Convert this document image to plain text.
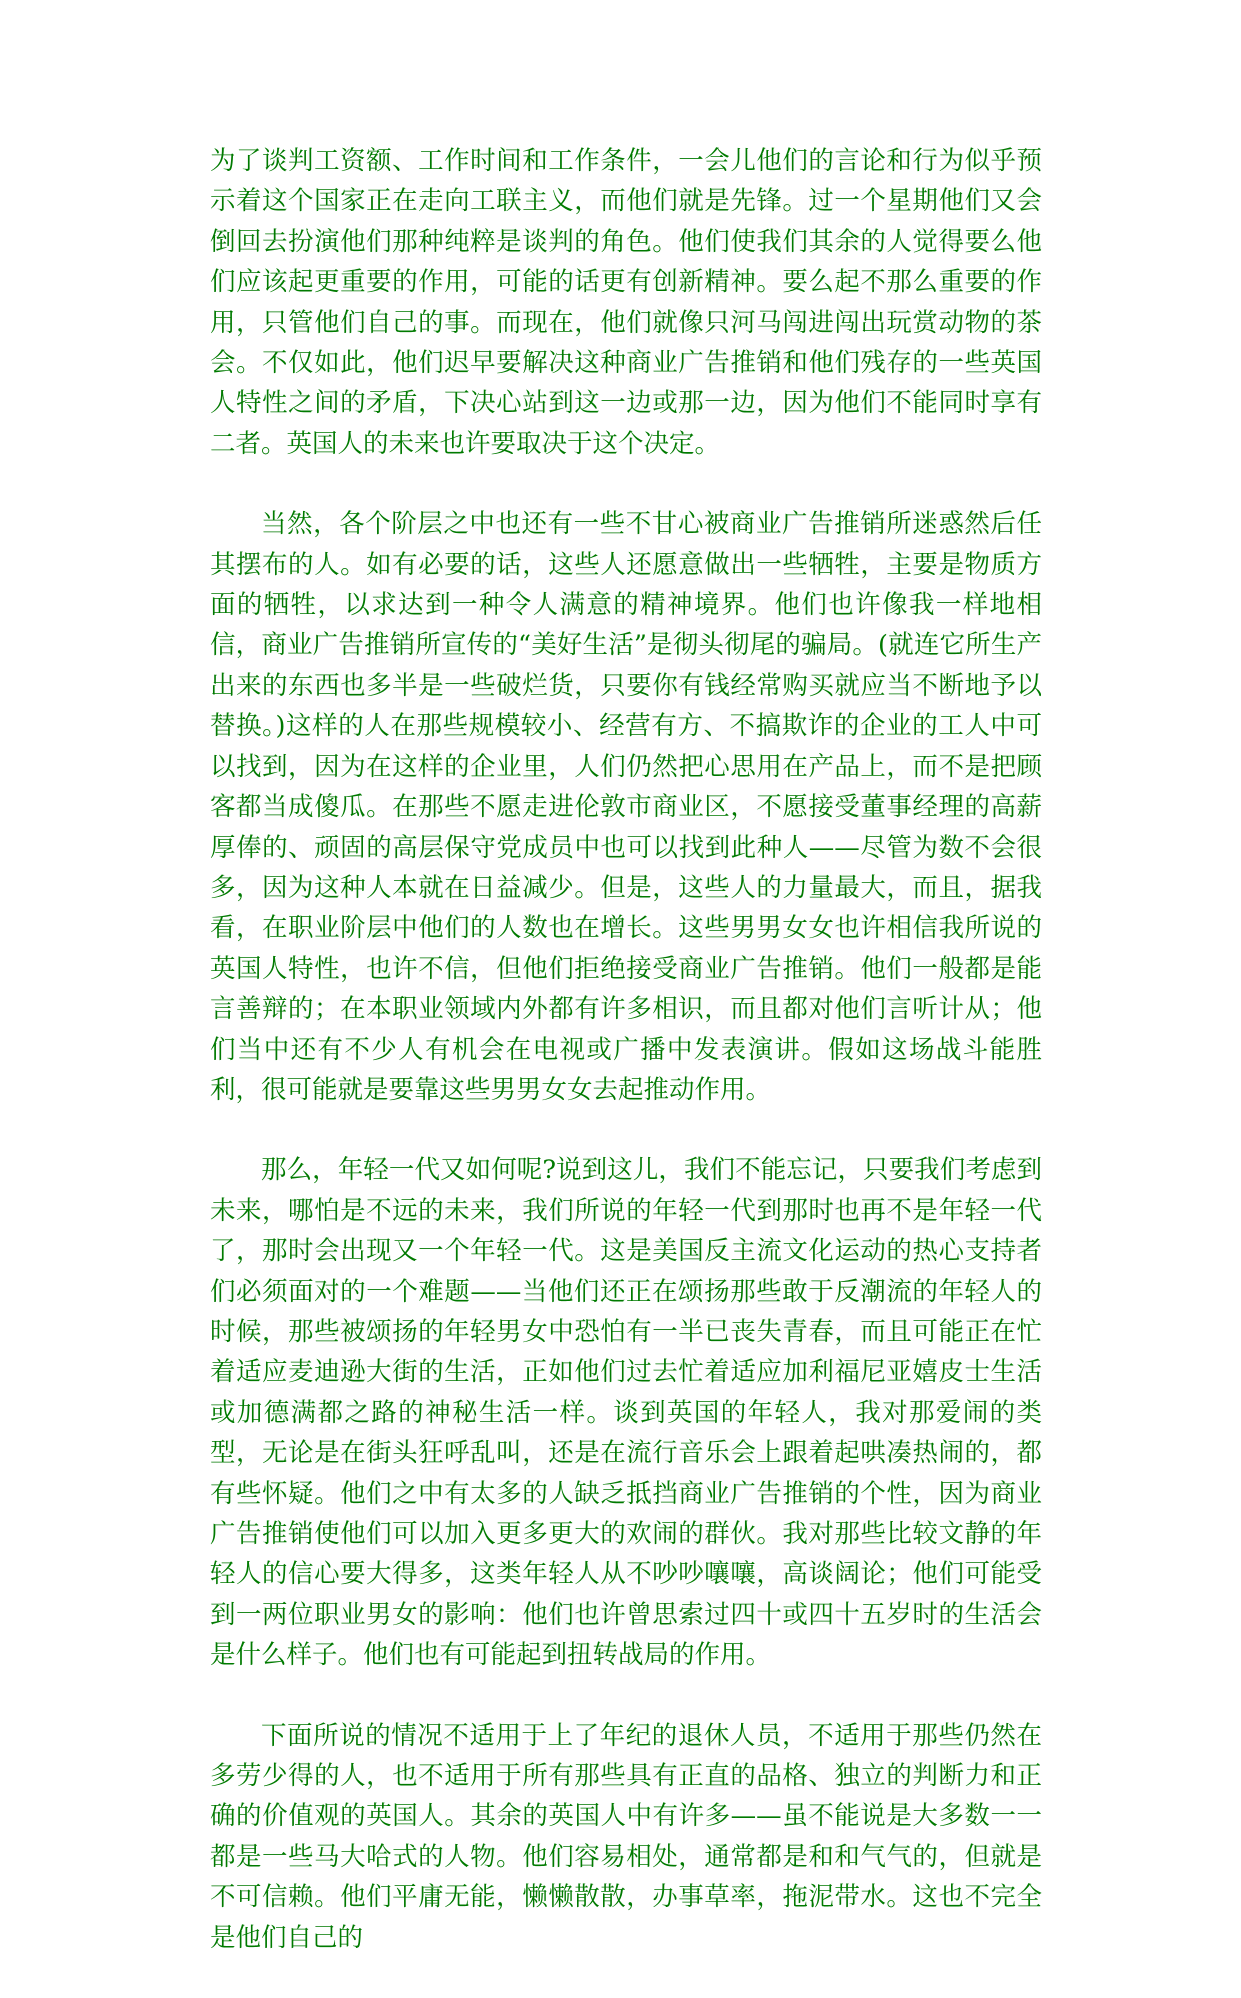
为了谈判工资额、工作时间和工作条件，一会儿他们的言论和行为似乎预示着这个国家正在走向工联主义，而他们就是先锋。过一个星期他们又会倒回去扮演他们那种纯粹是谈判的角色。他们使我们其余的人觉得要么他们应该起更重要的作用，可能的话更有创新精神。要么起不那么重要的作用，只管他们自己的事。而现在，他们就像只河马闯进闯出玩赏动物的茶会。不仅如此，他们迟早要解决这种商业广告推销和他们残存的一些英国人特性之间的矛盾，下决心站到这一边或那一边，因为他们不能同时享有二者。英国人的未来也许要取决于这个决定。

当然，各个阶层之中也还有一些不甘心被商业广告推销所迷惑然后任其摆布的人。如有必要的话，这些人还愿意做出一些牺牲，主要是物质方面的牺牲，以求达到一种令人满意的精神境界。他们也许像我一样地相信，商业广告推销所宣传的“美好生活”是彻头彻尾的骗局。(就连它所生产出来的东西也多半是一些破烂货，只要你有钱经常购买就应当不断地予以替换。)这样的人在那些规模较小、经营有方、不搞欺诈的企业的工人中可以找到，因为在这样的企业里，人们仍然把心思用在产品上，而不是把顾客都当成傻瓜。在那些不愿走进伦敦市商业区，不愿接受董事经理的高薪厚俸的、顽固的高层保守党成员中也可以找到此种人——尽管为数不会很多，因为这种人本就在日益减少。但是，这些人的力量最大，而且，据我看，在职业阶层中他们的人数也在增长。这些男男女女也许相信我所说的英国人特性，也许不信，但他们拒绝接受商业广告推销。他们一般都是能言善辩的；在本职业领域内外都有许多相识，而且都对他们言听计从；他们当中还有不少人有机会在电视或广播中发表演讲。假如这场战斗能胜利，很可能就是要靠这些男男女女去起推动作用。

那么，年轻一代又如何呢?说到这儿，我们不能忘记，只要我们考虑到未来，哪怕是不远的未来，我们所说的年轻一代到那时也再不是年轻一代了，那时会出现又一个年轻一代。这是美国反主流文化运动的热心支持者们必须面对的一个难题——当他们还正在颂扬那些敢于反潮流的年轻人的时候，那些被颂扬的年轻男女中恐怕有一半已丧失青春，而且可能正在忙着适应麦迪逊大街的生活，正如他们过去忙着适应加利福尼亚嬉皮士生活或加德满都之路的神秘生活一样。谈到英国的年轻人，我对那爱闹的类型，无论是在街头狂呼乱叫，还是在流行音乐会上跟着起哄凑热闹的，都有些怀疑。他们之中有太多的人缺乏抵挡商业广告推销的个性，因为商业广告推销使他们可以加入更多更大的欢闹的群伙。我对那些比较文静的年轻人的信心要大得多，这类年轻人从不吵吵嚷嚷，高谈阔论；他们可能受到一两位职业男女的影响：他们也许曾思索过四十或四十五岁时的生活会是什么样子。他们也有可能起到扭转战局的作用。

下面所说的情况不适用于上了年纪的退休人员，不适用于那些仍然在多劳少得的人，也不适用于所有那些具有正直的品格、独立的判断力和正确的价值观的英国人。其余的英国人中有许多——虽不能说是大多数一一都是一些马大哈式的人物。他们容易相处，通常都是和和气气的，但就是不可信赖。他们平庸无能，懒懒散散，办事草率，拖泥带水。这也不完全是他们自己的
